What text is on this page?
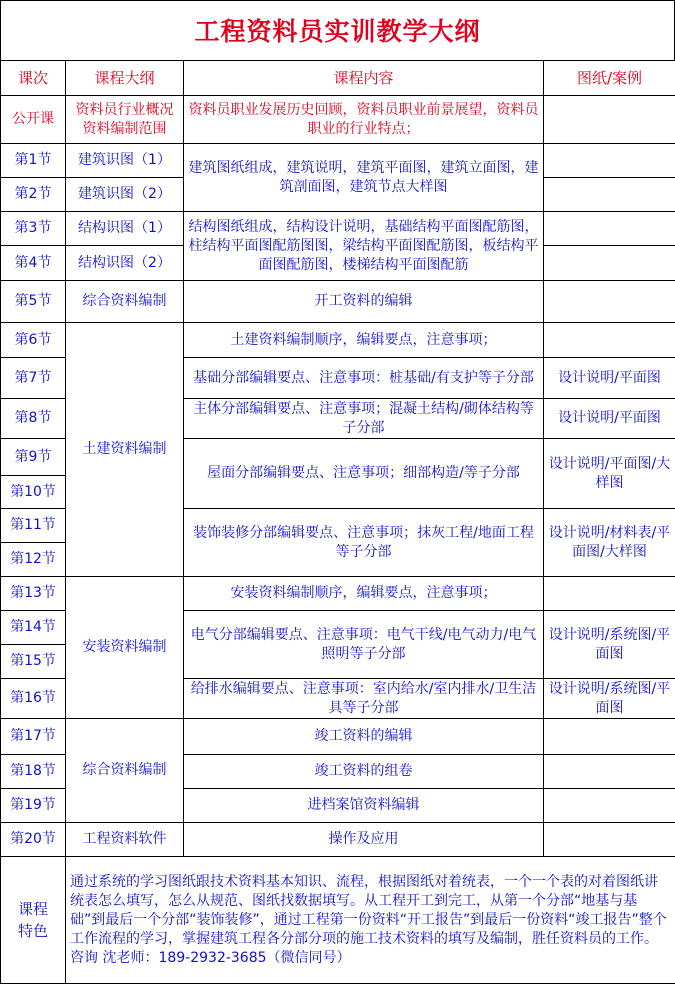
工程资料员实训教学大纲
课次	课程大纲	课程内容	图纸/案例
公开课	资料员行业概况资料编制范围	资料员职业发展历史回顾，资料员职业前景展望，资料员职业的行业特点；	
第1节	建筑识图（1）	建筑图纸组成，建筑说明，建筑平面图，建筑立面图，建筑剖面图，建筑节点大样图	
第2节	建筑识图（2）		
第3节	结构识图（1）	结构图纸组成，结构设计说明，基础结构平面图配筋图，柱结构平面图配筋图图，梁结构平面图配筋图，板结构平面图配筋图，楼梯结构平面图配筋	
第4节	结构识图（2）		
第5节	综合资料编制	开工资料的编辑	
第6节	土建资料编制	土建资料编制顺序，编辑要点，注意事项；	
第7节		基础分部编辑要点、注意事项：桩基础/有支护等子分部	设计说明/平面图
第8节		主体分部编辑要点、注意事项；混凝土结构/砌体结构等子分部	设计说明/平面图
第9节		屋面分部编辑要点、注意事项；细部构造/等子分部	设计说明/平面图/大样图
第10节			
第11节		装饰装修分部编辑要点、注意事项；抹灰工程/地面工程等子分部	设计说明/材料表/平面图/大样图
第12节			
第13节	安装资料编制	安装资料编制顺序，编辑要点，注意事项；	
第14节		电气分部编辑要点、注意事项：电气干线/电气动力/电气照明等子分部	设计说明/系统图/平面图
第15节			
第16节		给排水编辑要点、注意事项：室内给水/室内排水/卫生洁具等子分部	设计说明/系统图/平面图
第17节	综合资料编制	竣工资料的编辑	
第18节		竣工资料的组卷	
第19节		进档案馆资料编辑	
第20节	工程资料软件	操作及应用	
课程特色	通过系统的学习图纸跟技术资料基本知识、流程，根据图纸对着统表，一个一个表的对着图纸讲统表怎么填写，怎么从规范、图纸找数据填写。从工程开工到完工，从第一个分部“地基与基础”到最后一个分部“装饰装修”，通过工程第一份资料“开工报告”到最后一份资料“竣工报告”整个工作流程的学习，掌握建筑工程各分部分项的施工技术资料的填写及编制，胜任资料员的工作。
咨询 沈老师：189-2932-3685（微信同号）		
